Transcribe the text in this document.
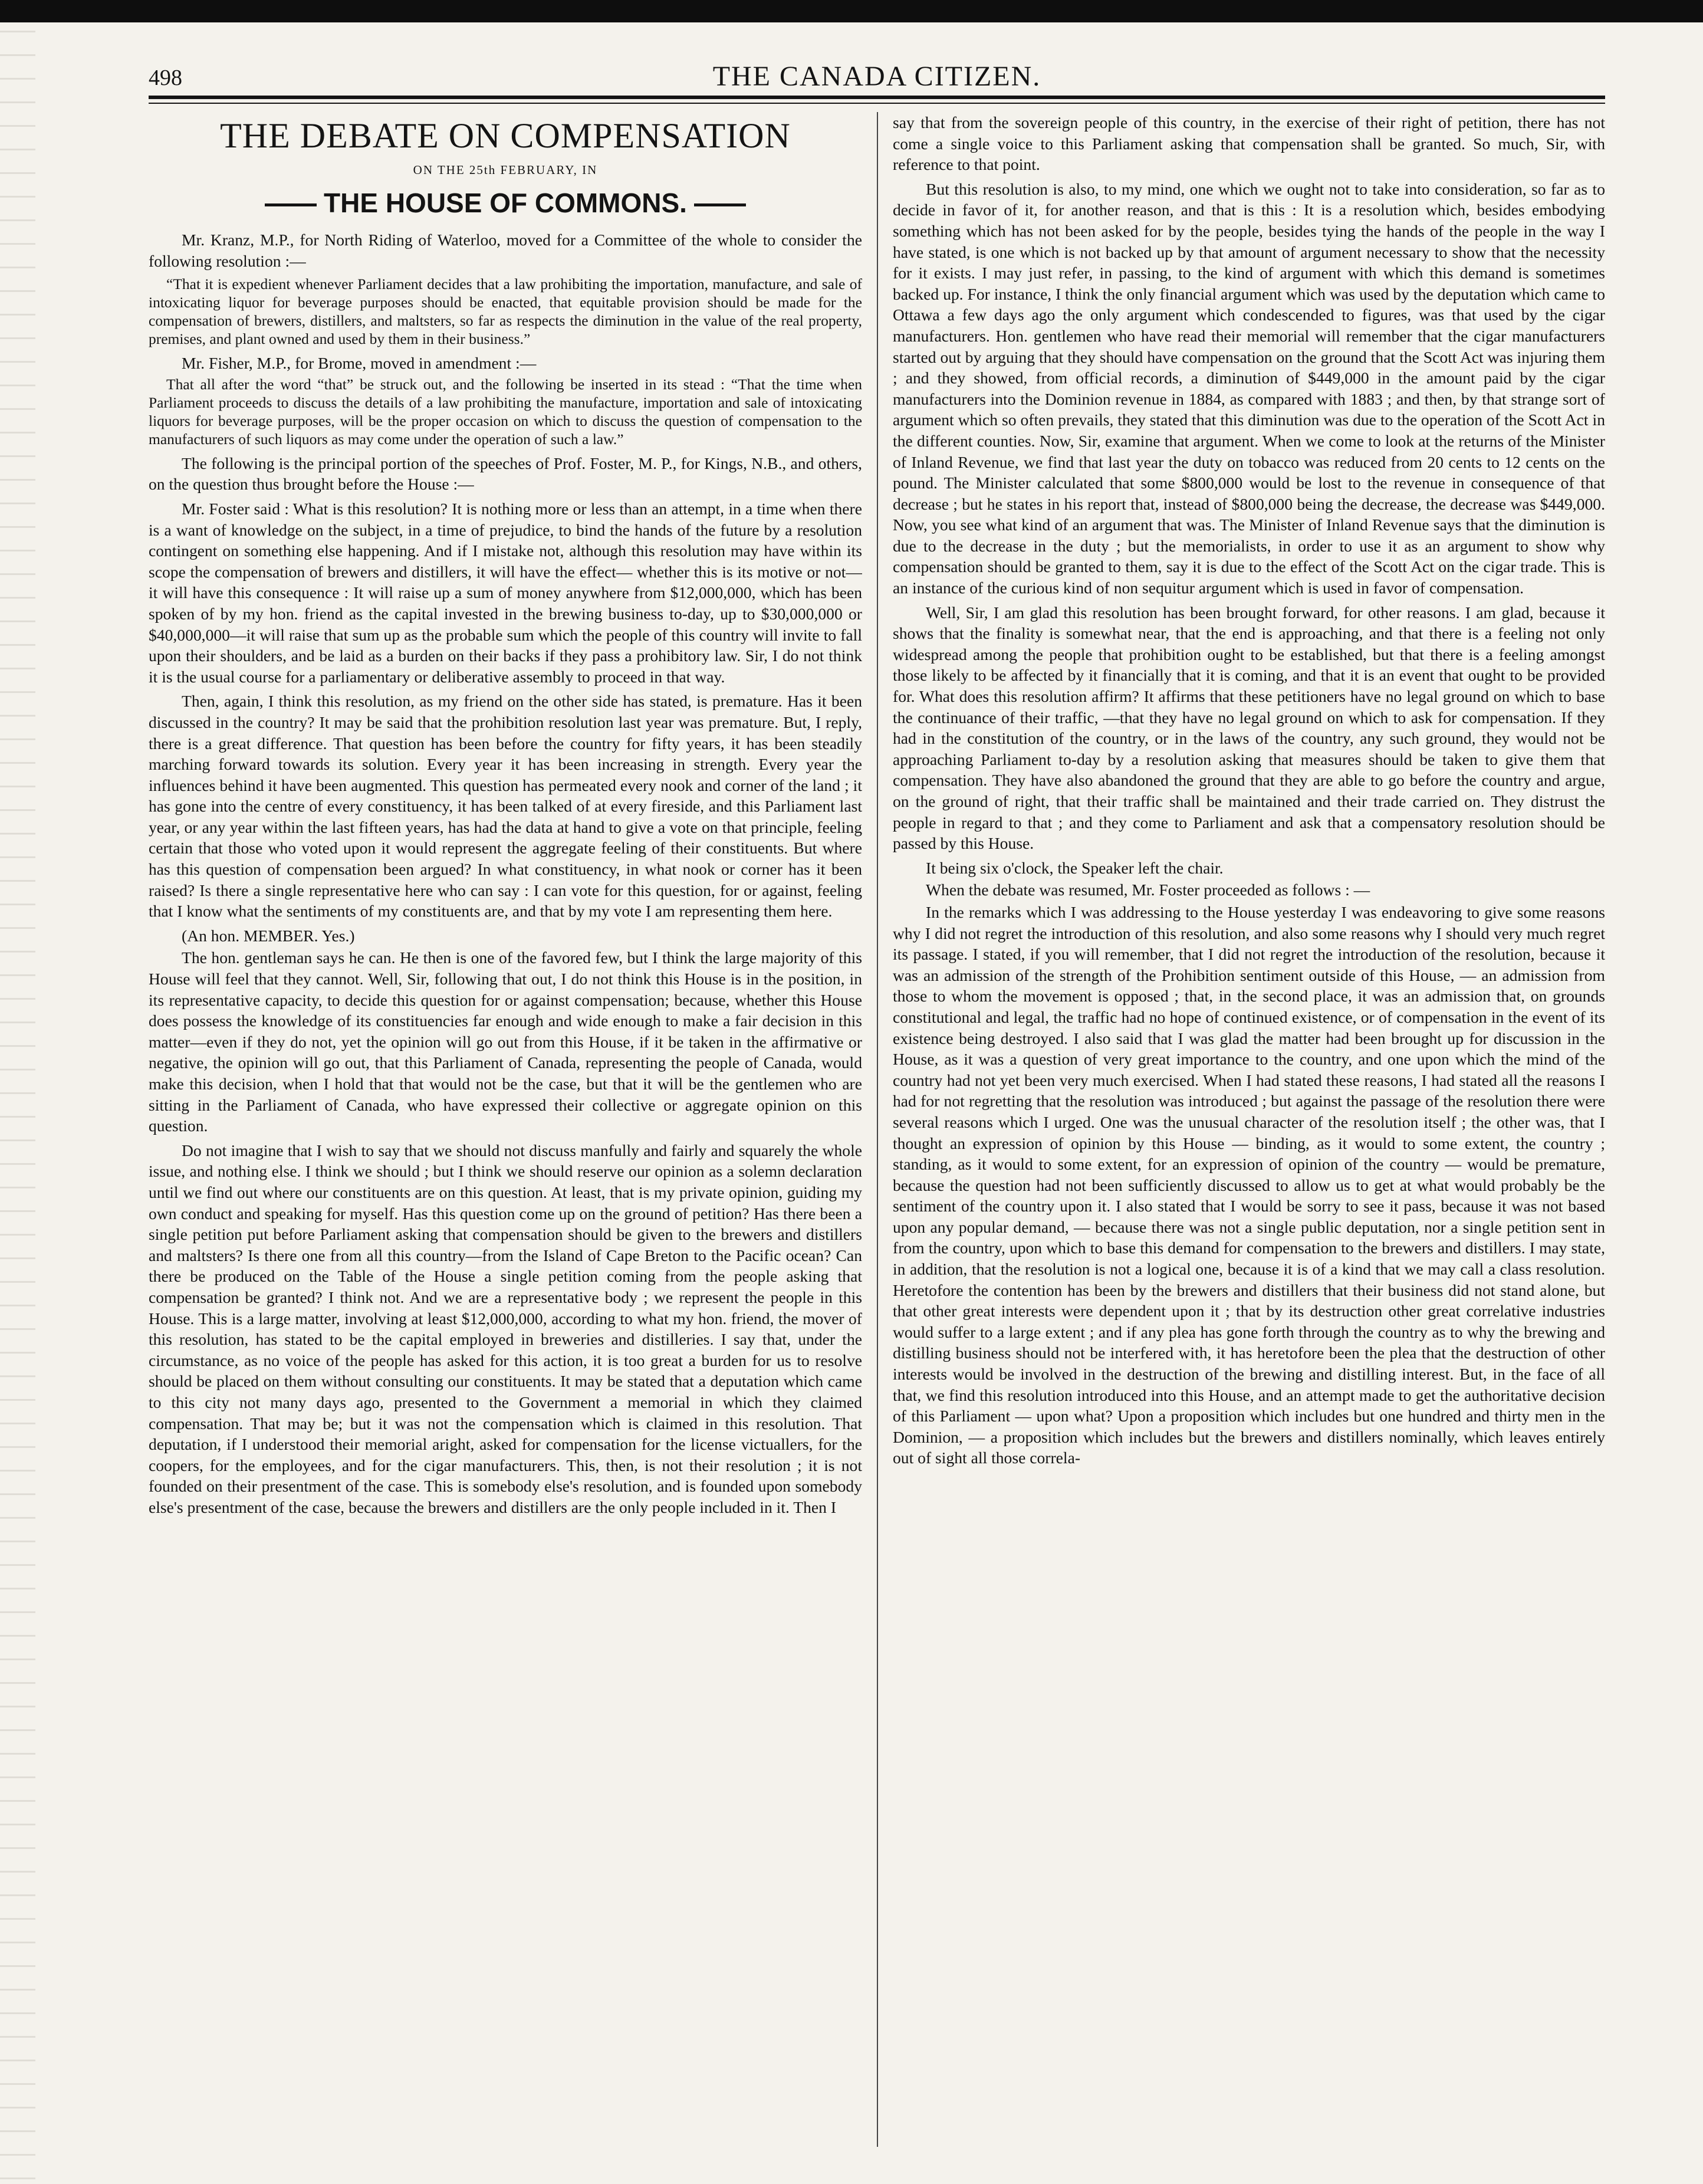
498	THE CANADA CITIZEN.
THE DEBATE ON COMPENSATION
ON THE 25th FEBRUARY, IN
THE HOUSE OF COMMONS.

Mr. Kranz, M.P., for North Riding of Waterloo, moved for a Committee of the whole to consider the following resolution :—

“That it is expedient whenever Parliament decides that a law prohibiting the importation, manufacture, and sale of intoxicating liquor for beverage purposes should be enacted, that equitable provision should be made for the compensation of brewers, distillers, and maltsters, so far as respects the diminution in the value of the real property, premises, and plant owned and used by them in their business.”

Mr. Fisher, M.P., for Brome, moved in amendment :—

That all after the word “that” be struck out, and the following be inserted in its stead : “That the time when Parliament proceeds to discuss the details of a law prohibiting the manufacture, importation and sale of intoxicating liquors for beverage purposes, will be the proper occasion on which to discuss the question of compensation to the manufacturers of such liquors as may come under the operation of such a law.”

The following is the principal portion of the speeches of Prof. Foster, M. P., for Kings, N.B., and others, on the question thus brought before the House :—

Mr. Foster said : What is this resolution? It is nothing more or less than an attempt, in a time when there is a want of knowledge on the subject, in a time of prejudice, to bind the hands of the future by a resolution contingent on something else happening. And if I mistake not, although this resolution may have within its scope the compensation of brewers and distillers, it will have the effect— whether this is its motive or not—it will have this consequence : It will raise up a sum of money anywhere from $12,000,000, which has been spoken of by my hon. friend as the capital invested in the brewing business to-day, up to $30,000,000 or $40,000,000—it will raise that sum up as the probable sum which the people of this country will invite to fall upon their shoulders, and be laid as a burden on their backs if they pass a prohibitory law. Sir, I do not think it is the usual course for a parliamentary or deliberative assembly to proceed in that way.

Then, again, I think this resolution, as my friend on the other side has stated, is premature. Has it been discussed in the country? It may be said that the prohibition resolution last year was premature. But, I reply, there is a great difference. That question has been before the country for fifty years, it has been steadily marching forward towards its solution. Every year it has been increasing in strength. Every year the influences behind it have been augmented. This question has permeated every nook and corner of the land ; it has gone into the centre of every constituency, it has been talked of at every fireside, and this Parliament last year, or any year within the last fifteen years, has had the data at hand to give a vote on that principle, feeling certain that those who voted upon it would represent the aggregate feeling of their constituents. But where has this question of compensation been argued? In what constituency, in what nook or corner has it been raised? Is there a single representative here who can say : I can vote for this question, for or against, feeling that I know what the sentiments of my constituents are, and that by my vote I am representing them here.

(An hon. MEMBER. Yes.)

The hon. gentleman says he can. He then is one of the favored few, but I think the large majority of this House will feel that they cannot. Well, Sir, following that out, I do not think this House is in the position, in its representative capacity, to decide this question for or against compensation; because, whether this House does possess the knowledge of its constituencies far enough and wide enough to make a fair decision in this matter—even if they do not, yet the opinion will go out from this House, if it be taken in the affirmative or negative, the opinion will go out, that this Parliament of Canada, representing the people of Canada, would make this decision, when I hold that that would not be the case, but that it will be the gentlemen who are sitting in the Parliament of Canada, who have expressed their collective or aggregate opinion on this question.

Do not imagine that I wish to say that we should not discuss manfully and fairly and squarely the whole issue, and nothing else. I think we should ; but I think we should reserve our opinion as a solemn declaration until we find out where our constituents are on this question. At least, that is my private opinion, guiding my own conduct and speaking for myself. Has this question come up on the ground of petition? Has there been a single petition put before Parliament asking that compensation should be given to the brewers and distillers and maltsters? Is there one from all this country—from the Island of Cape Breton to the Pacific ocean? Can there be produced on the Table of the House a single petition coming from the people asking that compensation be granted? I think not. And we are a representative body ; we represent the people in this House. This is a large matter, involving at least $12,000,000, according to what my hon. friend, the mover of this resolution, has stated to be the capital employed in breweries and distilleries. I say that, under the circumstance, as no voice of the people has asked for this action, it is too great a burden for us to resolve should be placed on them without consulting our constituents. It may be stated that a deputation which came to this city not many days ago, presented to the Government a memorial in which they claimed compensation. That may be; but it was not the compensation which is claimed in this resolution. That deputation, if I understood their memorial aright, asked for compensation for the license victuallers, for the coopers, for the employees, and for the cigar manufacturers. This, then, is not their resolution ; it is not founded on their presentment of the case. This is somebody else's resolution, and is founded upon somebody else's presentment of the case, because the brewers and distillers are the only people included in it. Then I

say that from the sovereign people of this country, in the exercise of their right of petition, there has not come a single voice to this Parliament asking that compensation shall be granted. So much, Sir, with reference to that point.

But this resolution is also, to my mind, one which we ought not to take into consideration, so far as to decide in favor of it, for another reason, and that is this : It is a resolution which, besides embodying something which has not been asked for by the people, besides tying the hands of the people in the way I have stated, is one which is not backed up by that amount of argument necessary to show that the necessity for it exists. I may just refer, in passing, to the kind of argument with which this demand is sometimes backed up. For instance, I think the only financial argument which was used by the deputation which came to Ottawa a few days ago the only argument which condescended to figures, was that used by the cigar manufacturers. Hon. gentlemen who have read their memorial will remember that the cigar manufacturers started out by arguing that they should have compensation on the ground that the Scott Act was injuring them ; and they showed, from official records, a diminution of $449,000 in the amount paid by the cigar manufacturers into the Dominion revenue in 1884, as compared with 1883 ; and then, by that strange sort of argument which so often prevails, they stated that this diminution was due to the operation of the Scott Act in the different counties. Now, Sir, examine that argument. When we come to look at the returns of the Minister of Inland Revenue, we find that last year the duty on tobacco was reduced from 20 cents to 12 cents on the pound. The Minister calculated that some $800,000 would be lost to the revenue in consequence of that decrease ; but he states in his report that, instead of $800,000 being the decrease, the decrease was $449,000. Now, you see what kind of an argument that was. The Minister of Inland Revenue says that the diminution is due to the decrease in the duty ; but the memorialists, in order to use it as an argument to show why compensation should be granted to them, say it is due to the effect of the Scott Act on the cigar trade. This is an instance of the curious kind of non sequitur argument which is used in favor of compensation.

Well, Sir, I am glad this resolution has been brought forward, for other reasons. I am glad, because it shows that the finality is somewhat near, that the end is approaching, and that there is a feeling not only widespread among the people that prohibition ought to be established, but that there is a feeling amongst those likely to be affected by it financially that it is coming, and that it is an event that ought to be provided for. What does this resolution affirm? It affirms that these petitioners have no legal ground on which to base the continuance of their traffic, —that they have no legal ground on which to ask for compensation. If they had in the constitution of the country, or in the laws of the country, any such ground, they would not be approaching Parliament to-day by a resolution asking that measures should be taken to give them that compensation. They have also abandoned the ground that they are able to go before the country and argue, on the ground of right, that their traffic shall be maintained and their trade carried on. They distrust the people in regard to that ; and they come to Parliament and ask that a compensatory resolution should be passed by this House.

It being six o'clock, the Speaker left the chair.

When the debate was resumed, Mr. Foster proceeded as follows : —

In the remarks which I was addressing to the House yesterday I was endeavoring to give some reasons why I did not regret the introduction of this resolution, and also some reasons why I should very much regret its passage. I stated, if you will remember, that I did not regret the introduction of the resolution, because it was an admission of the strength of the Prohibition sentiment outside of this House, — an admission from those to whom the movement is opposed ; that, in the second place, it was an admission that, on grounds constitutional and legal, the traffic had no hope of continued existence, or of compensation in the event of its existence being destroyed. I also said that I was glad the matter had been brought up for discussion in the House, as it was a question of very great importance to the country, and one upon which the mind of the country had not yet been very much exercised. When I had stated these reasons, I had stated all the reasons I had for not regretting that the resolution was introduced ; but against the passage of the resolution there were several reasons which I urged. One was the unusual character of the resolution itself ; the other was, that I thought an expression of opinion by this House — binding, as it would to some extent, the country ; standing, as it would to some extent, for an expression of opinion of the country — would be premature, because the question had not been sufficiently discussed to allow us to get at what would probably be the sentiment of the country upon it. I also stated that I would be sorry to see it pass, because it was not based upon any popular demand, — because there was not a single public deputation, nor a single petition sent in from the country, upon which to base this demand for compensation to the brewers and distillers. I may state, in addition, that the resolution is not a logical one, because it is of a kind that we may call a class resolution. Heretofore the contention has been by the brewers and distillers that their business did not stand alone, but that other great interests were dependent upon it ; that by its destruction other great correlative industries would suffer to a large extent ; and if any plea has gone forth through the country as to why the brewing and distilling business should not be interfered with, it has heretofore been the plea that the destruction of other interests would be involved in the destruction of the brewing and distilling interest. But, in the face of all that, we find this resolution introduced into this House, and an attempt made to get the authoritative decision of this Parliament — upon what? Upon a proposition which includes but one hundred and thirty men in the Dominion, — a proposition which includes but the brewers and distillers nominally, which leaves entirely out of sight all those correla-
